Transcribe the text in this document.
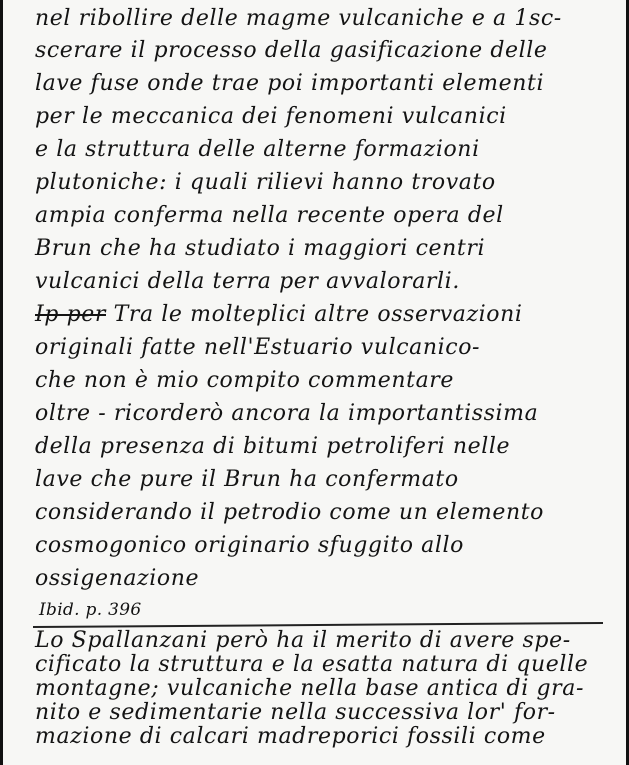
nel ribollire delle magme vulcaniche e a 1sc-
scerare il processo della gasificazione delle
lave fuse onde trae poi importanti elementi
per le meccanica dei fenomeni vulcanici
e la struttura delle alterne formazioni
plutoniche: i quali rilievi hanno trovato
ampia conferma nella recente opera del
Brun che ha studiato i maggiori centri
vulcanici della terra per avvalorarli.
Ip per Tra le molteplici altre osservazioni
originali fatte nell'Estuario vulcanico-
che non è mio compito commentare
oltre - ricorderò ancora la importantissima
della presenza di bitumi petroliferi nelle
lave che pure il Brun ha confermato
considerando il petrodio come un elemento
cosmogonico originario sfuggito allo
ossigenazione
Ibid. p. 396
Lo Spallanzani però ha il merito di avere spe-
cificato la struttura e la esatta natura di quelle
montagne; vulcaniche nella base antica di gra-
nito e sedimentarie nella successiva lor' for-
mazione di calcari madreporici fossili come
